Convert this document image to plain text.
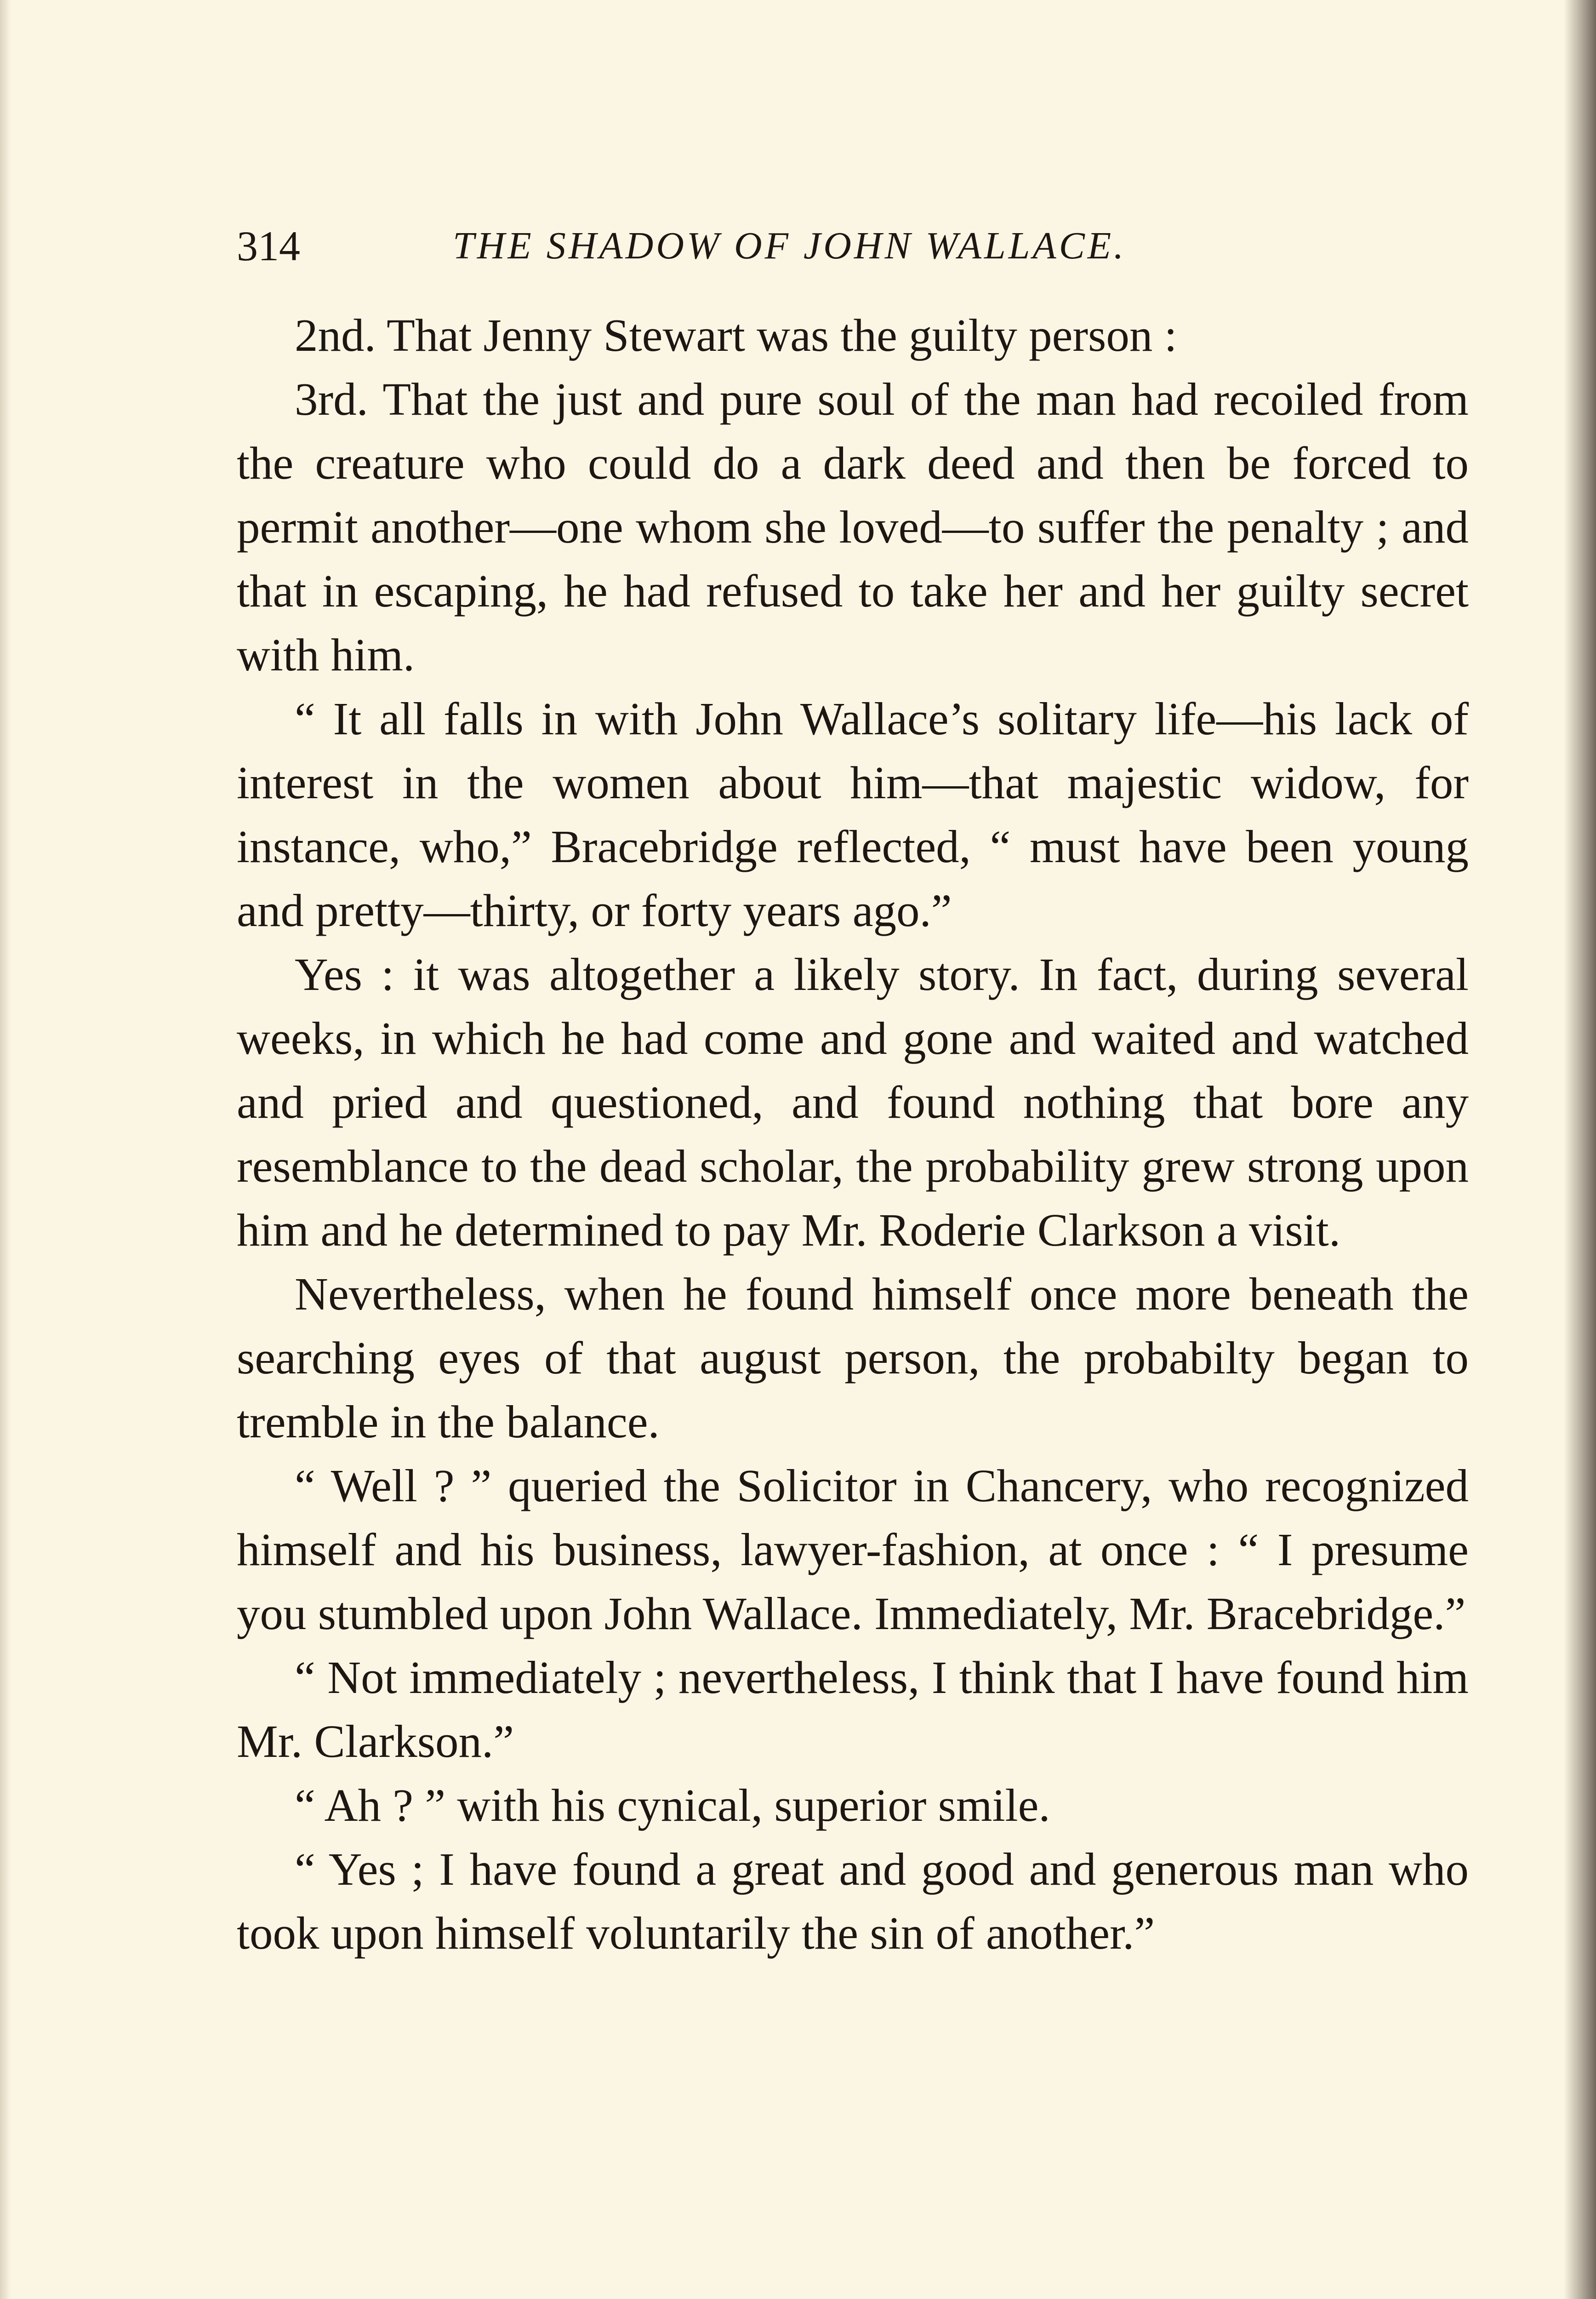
314	THE SHADOW OF JOHN WALLACE.

2nd. That Jenny Stewart was the guilty person :

3rd. That the just and pure soul of the man had recoiled from the creature who could do a dark deed and then be forced to permit another—one whom she loved—to suffer the penalty ; and that in escaping, he had refused to take her and her guilty secret with him.

“ It all falls in with John Wallace’s solitary life—his lack of interest in the women about him—that majestic widow, for instance, who,” Bracebridge reflected, “ must have been young and pretty—thirty, or forty years ago.”

Yes : it was altogether a likely story. In fact, during several weeks, in which he had come and gone and waited and watched and pried and questioned, and found nothing that bore any resemblance to the dead scholar, the probability grew strong upon him and he determined to pay Mr. Roderie Clarkson a visit.

Nevertheless, when he found himself once more beneath the searching eyes of that august person, the probabilty began to tremble in the balance.

“ Well ? ” queried the Solicitor in Chancery, who recognized himself and his business, lawyer-fashion, at once : “ I presume you stumbled upon John Wallace. Immediately, Mr. Bracebridge.”

“ Not immediately ; nevertheless, I think that I have found him Mr. Clarkson.”

“ Ah ? ” with his cynical, superior smile.

“ Yes ; I have found a great and good and generous man who took upon himself voluntarily the sin of another.”
